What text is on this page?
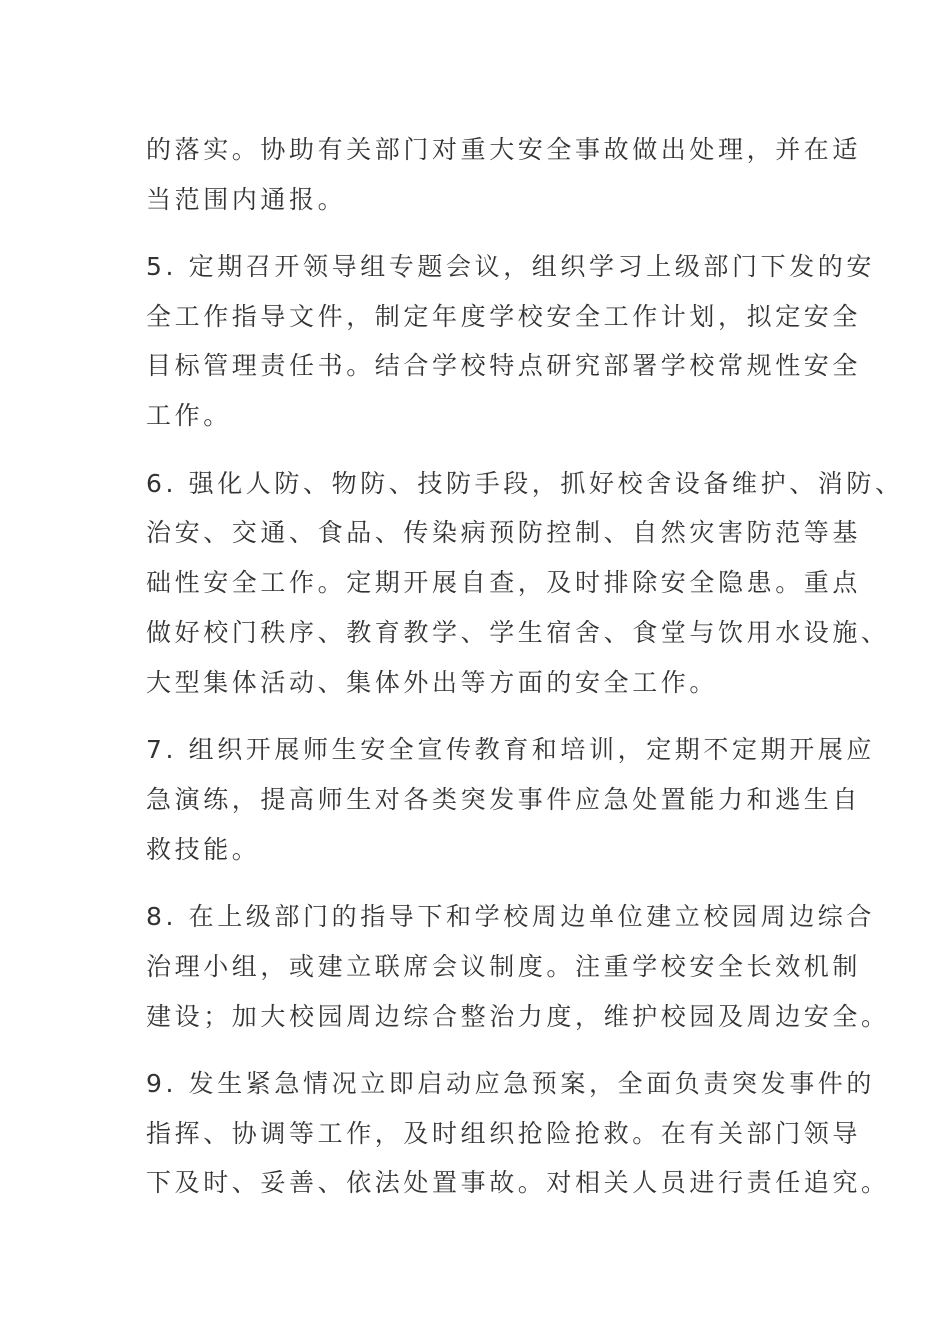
的落实。协助有关部门对重大安全事故做出处理，并在适
当范围内通报。
5. 定期召开领导组专题会议，组织学习上级部门下发的安
全工作指导文件，制定年度学校安全工作计划，拟定安全
目标管理责任书。结合学校特点研究部署学校常规性安全
工作。
6. 强化人防、物防、技防手段，抓好校舍设备维护、消防、
治安、交通、食品、传染病预防控制、自然灾害防范等基
础性安全工作。定期开展自查，及时排除安全隐患。重点
做好校门秩序、教育教学、学生宿舍、食堂与饮用水设施、
大型集体活动、集体外出等方面的安全工作。
7. 组织开展师生安全宣传教育和培训，定期不定期开展应
急演练，提高师生对各类突发事件应急处置能力和逃生自
救技能。
8. 在上级部门的指导下和学校周边单位建立校园周边综合
治理小组，或建立联席会议制度。注重学校安全长效机制
建设；加大校园周边综合整治力度，维护校园及周边安全。
9. 发生紧急情况立即启动应急预案，全面负责突发事件的
指挥、协调等工作，及时组织抢险抢救。在有关部门领导
下及时、妥善、依法处置事故。对相关人员进行责任追究。
